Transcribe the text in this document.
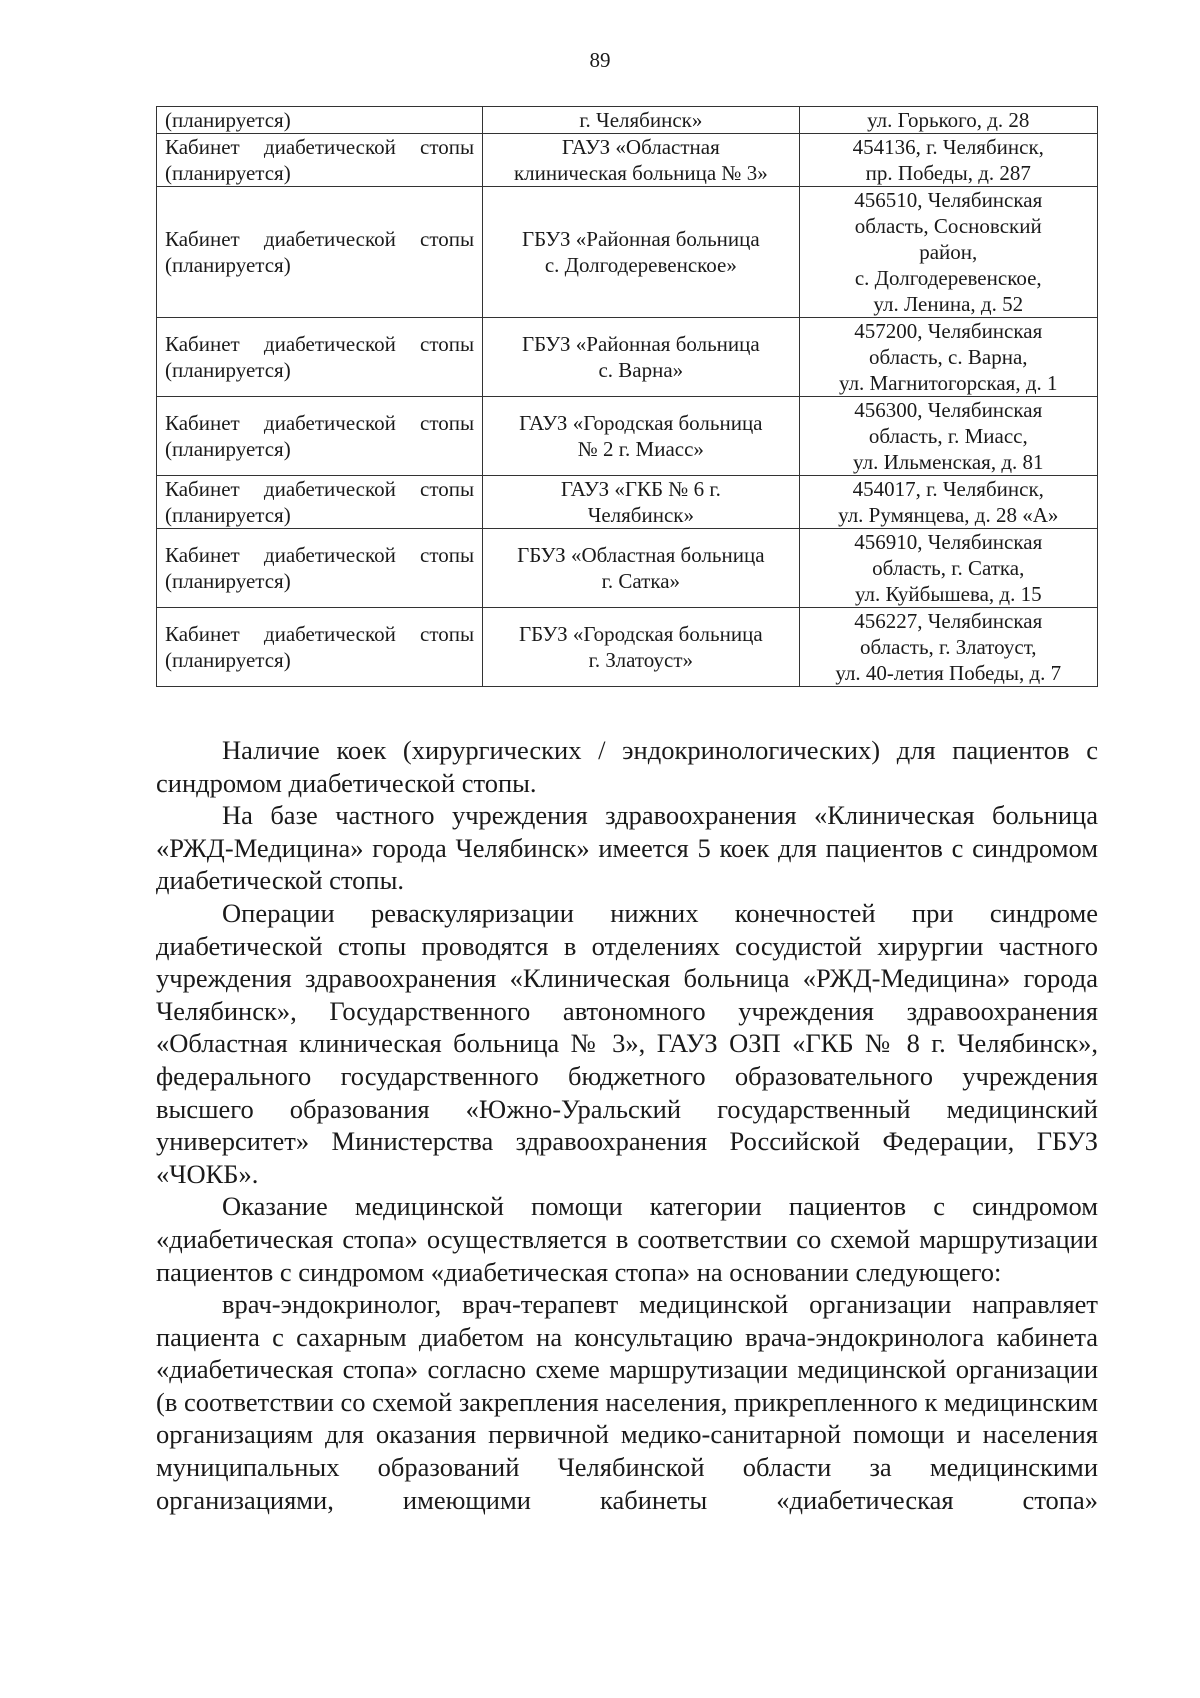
89
(планируется)	г. Челябинск»	ул. Горького, д. 28

Кабинет диабетической стопы
(планируется)	ГАУЗ «Областная
клиническая больница № 3»	454136, г. Челябинск,
пр. Победы, д. 287

Кабинет диабетической стопы
(планируется)	ГБУЗ «Районная больница
с. Долгодеревенское»	456510, Челябинская
область, Сосновский
район,
с. Долгодеревенское,
ул. Ленина, д. 52

Кабинет диабетической стопы
(планируется)	ГБУЗ «Районная больница
с. Варна»	457200, Челябинская
область, с. Варна,
ул. Магнитогорская, д. 1

Кабинет диабетической стопы
(планируется)	ГАУЗ «Городская больница
№ 2 г. Миасс»	456300, Челябинская
область, г. Миасс,
ул. Ильменская, д. 81

Кабинет диабетической стопы
(планируется)	ГАУЗ «ГКБ № 6 г.
Челябинск»	454017, г. Челябинск,
ул. Румянцева, д. 28 «А»

Кабинет диабетической стопы
(планируется)	ГБУЗ «Областная больница
г. Сатка»	456910, Челябинская
область, г. Сатка,
ул. Куйбышева, д. 15

Кабинет диабетической стопы
(планируется)	ГБУЗ «Городская больница
г. Златоуст»	456227, Челябинская
область, г. Златоуст,
ул. 40-летия Победы, д. 7

Наличие коек (хирургических / эндокринологических) для пациентов с синдромом диабетической стопы.

На базе частного учреждения здравоохранения «Клиническая больница «РЖД-Медицина» города Челябинск» имеется 5 коек для пациентов с синдромом диабетической стопы.

Операции реваскуляризации нижних конечностей при синдроме диабетической стопы проводятся в отделениях сосудистой хирургии частного учреждения здравоохранения «Клиническая больница «РЖД-Медицина» города Челябинск», Государственного автономного учреждения здравоохранения «Областная клиническая больница № 3», ГАУЗ ОЗП «ГКБ № 8 г. Челябинск», федерального государственного бюджетного образовательного учреждения высшего образования «Южно-Уральский государственный медицинский университет» Министерства здравоохранения Российской Федерации, ГБУЗ «ЧОКБ».

Оказание медицинской помощи категории пациентов с синдромом «диабетическая стопа» осуществляется в соответствии со схемой маршрутизации пациентов с синдромом «диабетическая стопа» на основании следующего:

врач-эндокринолог, врач-терапевт медицинской организации направляет пациента с сахарным диабетом на консультацию врача-эндокринолога кабинета «диабетическая стопа» согласно схеме маршрутизации медицинской организации (в соответствии со схемой закрепления населения, прикрепленного к медицинским организациям для оказания первичной медико-санитарной помощи и населения муниципальных образований Челябинской области за медицинскими организациями, имеющими кабинеты «диабетическая стопа»
